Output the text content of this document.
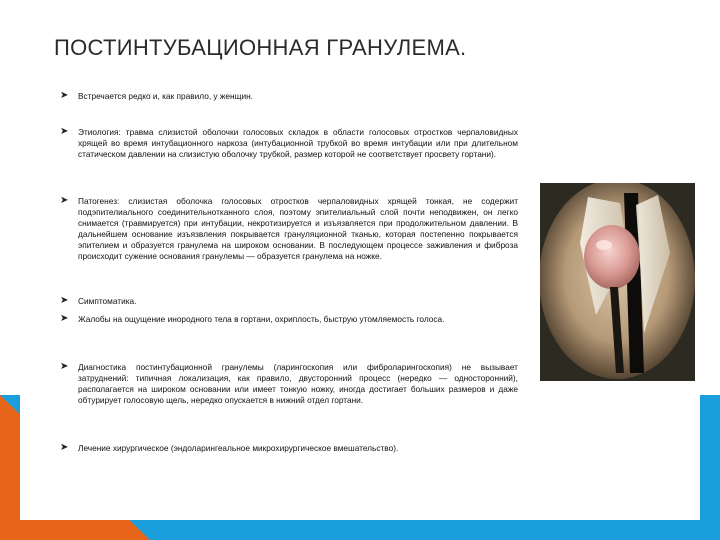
ПОСТИНТУБАЦИОННАЯ ГРАНУЛЕМА.
➤ Встречается редко и, как правило, у женщин.
➤ Этиология: травма слизистой оболочки голосовых складок в области голосовых отростков черпаловидных хрящей во время интубационного наркоза (интубационной трубкой во время интубации или при длительном статическом давлении на слизистую оболочку трубкой, размер которой не соответствует просвету гортани).
➤ Патогенез: слизистая оболочка голосовых отростков черпаловидных хрящей тонкая, не содержит подэпителиального соединительнотканного слоя, поэтому эпителиальный слой почти неподвижен, он легко снимается (травмируется) при интубации, некротизируется и изъязвляется при продолжительном давлении. В дальнейшем основание изъязвления покрывается грануляционной тканью, которая постепенно покрывается эпителием и образуется гранулема на широком основании. В последующем процессе заживления и фиброза происходит сужение основания гранулемы — образуется гранулема на ножке.
➤ Симптоматика.
➤ Жалобы на ощущение инородного тела в гортани, охриплость, быструю утомляемость голоса.
➤ Диагностика постинтубационной гранулемы (ларингоскопия или фиброларингоскопия) не вызывает затруднений: типичная локализация, как правило, двусторонний процесс (нередко — односторонний), располагается на широком основании или имеет тонкую ножку, иногда достигает больших размеров и даже обтурирует голосовую щель, нередко опускается в нижний отдел гортани.
➤ Лечение хирургическое (эндоларингеальное микрохирургическое вмешательство).
